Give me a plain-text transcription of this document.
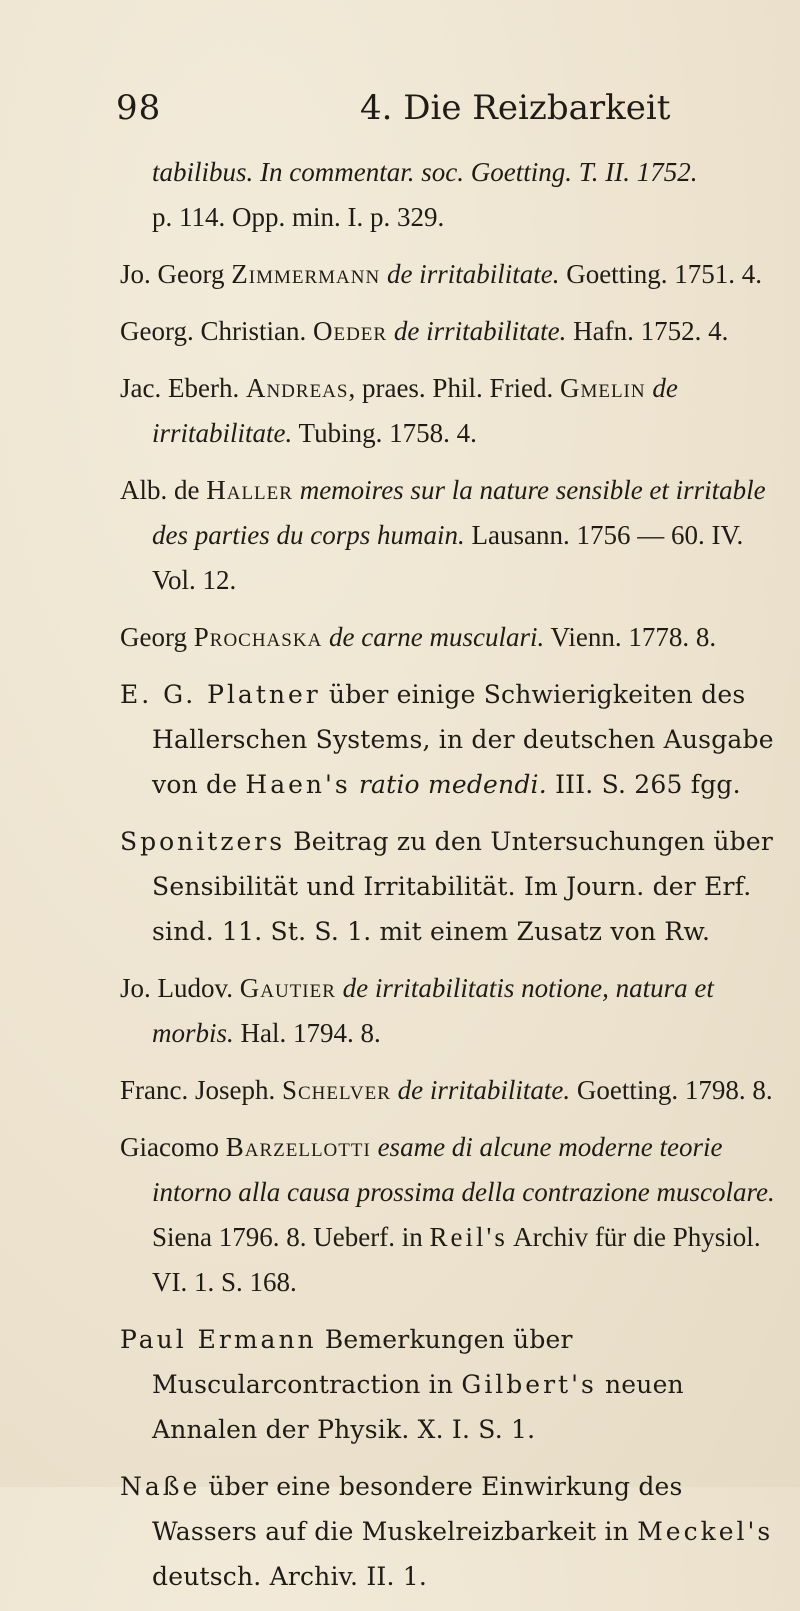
98	4. Die Reizbarkeit

tabilibus. In commentar. soc. Goetting. T. II. 1752.
p. 114. Opp. min. I. p. 329.

Jo. Georg Zimmermann de irritabilitate. Goetting. 1751. 4.

Georg. Christian. Oeder de irritabilitate. Hafn. 1752. 4.

Jac. Eberh. Andreas, praes. Phil. Fried. Gmelin de irritabilitate. Tubing. 1758. 4.

Alb. de Haller memoires sur la nature sensible et irritable des parties du corps humain. Lausann. 1756 — 60. IV. Vol. 12.

Georg Prochaska de carne musculari. Vienn. 1778. 8.

E. G. Platner über einige Schwierigkeiten des Hallerschen Systems, in der deutschen Ausgabe von de Haen's ratio medendi. III. S. 265 fgg.

Sponitzers Beitrag zu den Untersuchungen über Sensibilität und Irritabilität. Im Journ. der Erf. sind. 11. St. S. 1. mit einem Zusatz von Rw.

Jo. Ludov. Gautier de irritabilitatis notione, natura et morbis. Hal. 1794. 8.

Franc. Joseph. Schelver de irritabilitate. Goetting. 1798. 8.

Giacomo Barzellotti esame di alcune moderne teorie intorno alla causa prossima della contrazione muscolare. Siena 1796. 8. Ueberf. in Reil's Archiv für die Physiol. VI. 1. S. 168.

Paul Ermann Bemerkungen über Muscularcontraction in Gilbert's neuen Annalen der Physik. X. I. S. 1.

Naße über eine besondere Einwirkung des Wassers auf die Muskelreizbarkeit in Meckel's deutsch. Archiv. II. 1.
